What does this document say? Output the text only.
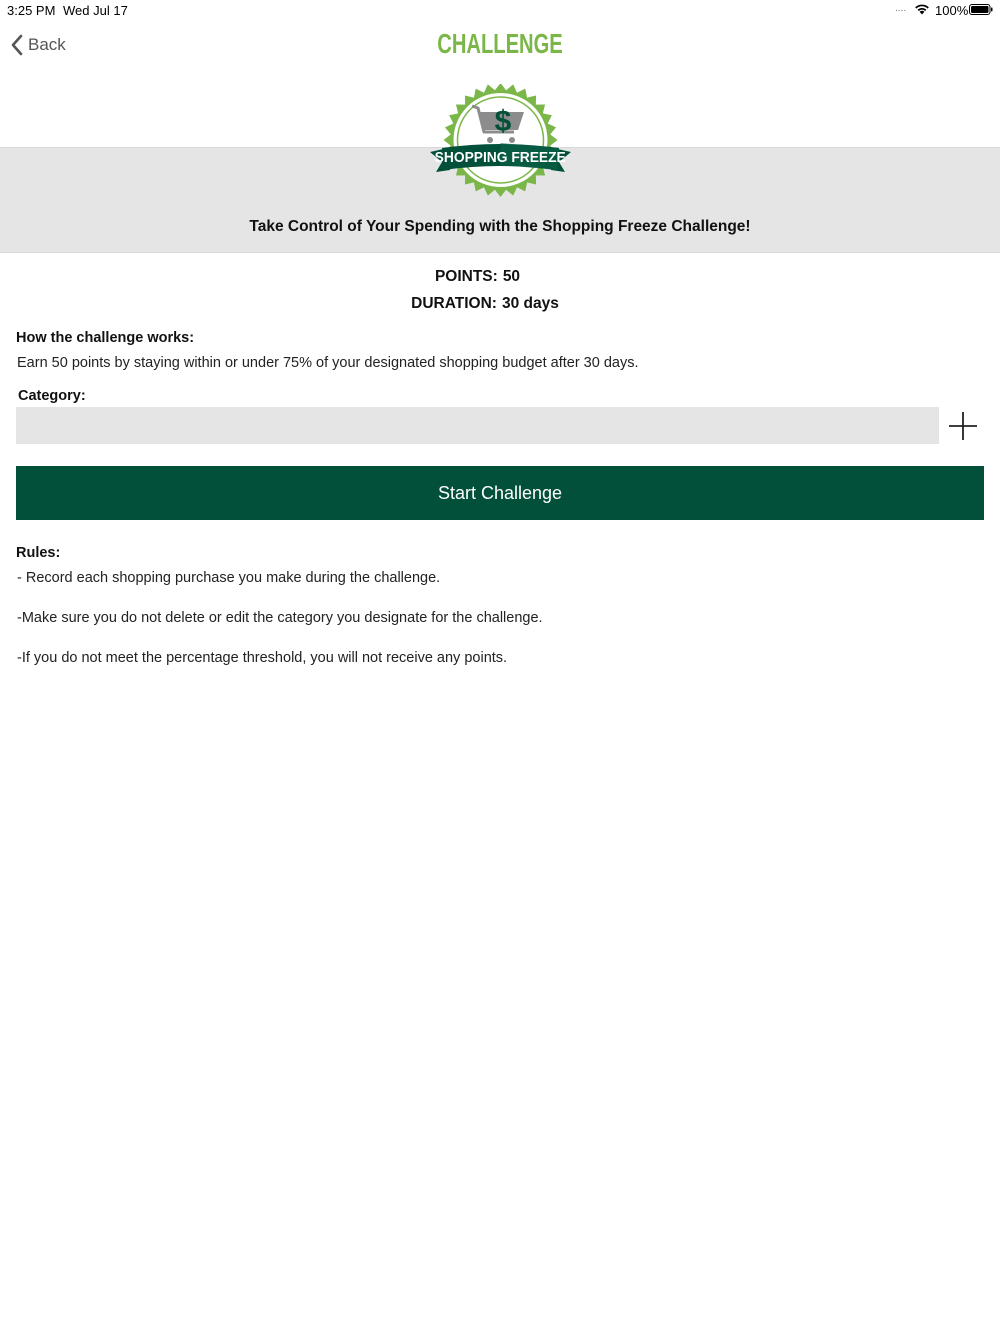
3:25 PM Wed Jul 17	.... 100%
Back	CHALLENGE
Take Control of Your Spending with the Shopping Freeze Challenge!
$
SHOPPING FREEZE
POINTS: 50
DURATION: 30 days
How the challenge works:
Earn 50 points by staying within or under 75% of your designated shopping budget after 30 days.
Category:
Start Challenge
Rules:
- Record each shopping purchase you make during the challenge.
-Make sure you do not delete or edit the category you designate for the challenge.
-If you do not meet the percentage threshold, you will not receive any points.
